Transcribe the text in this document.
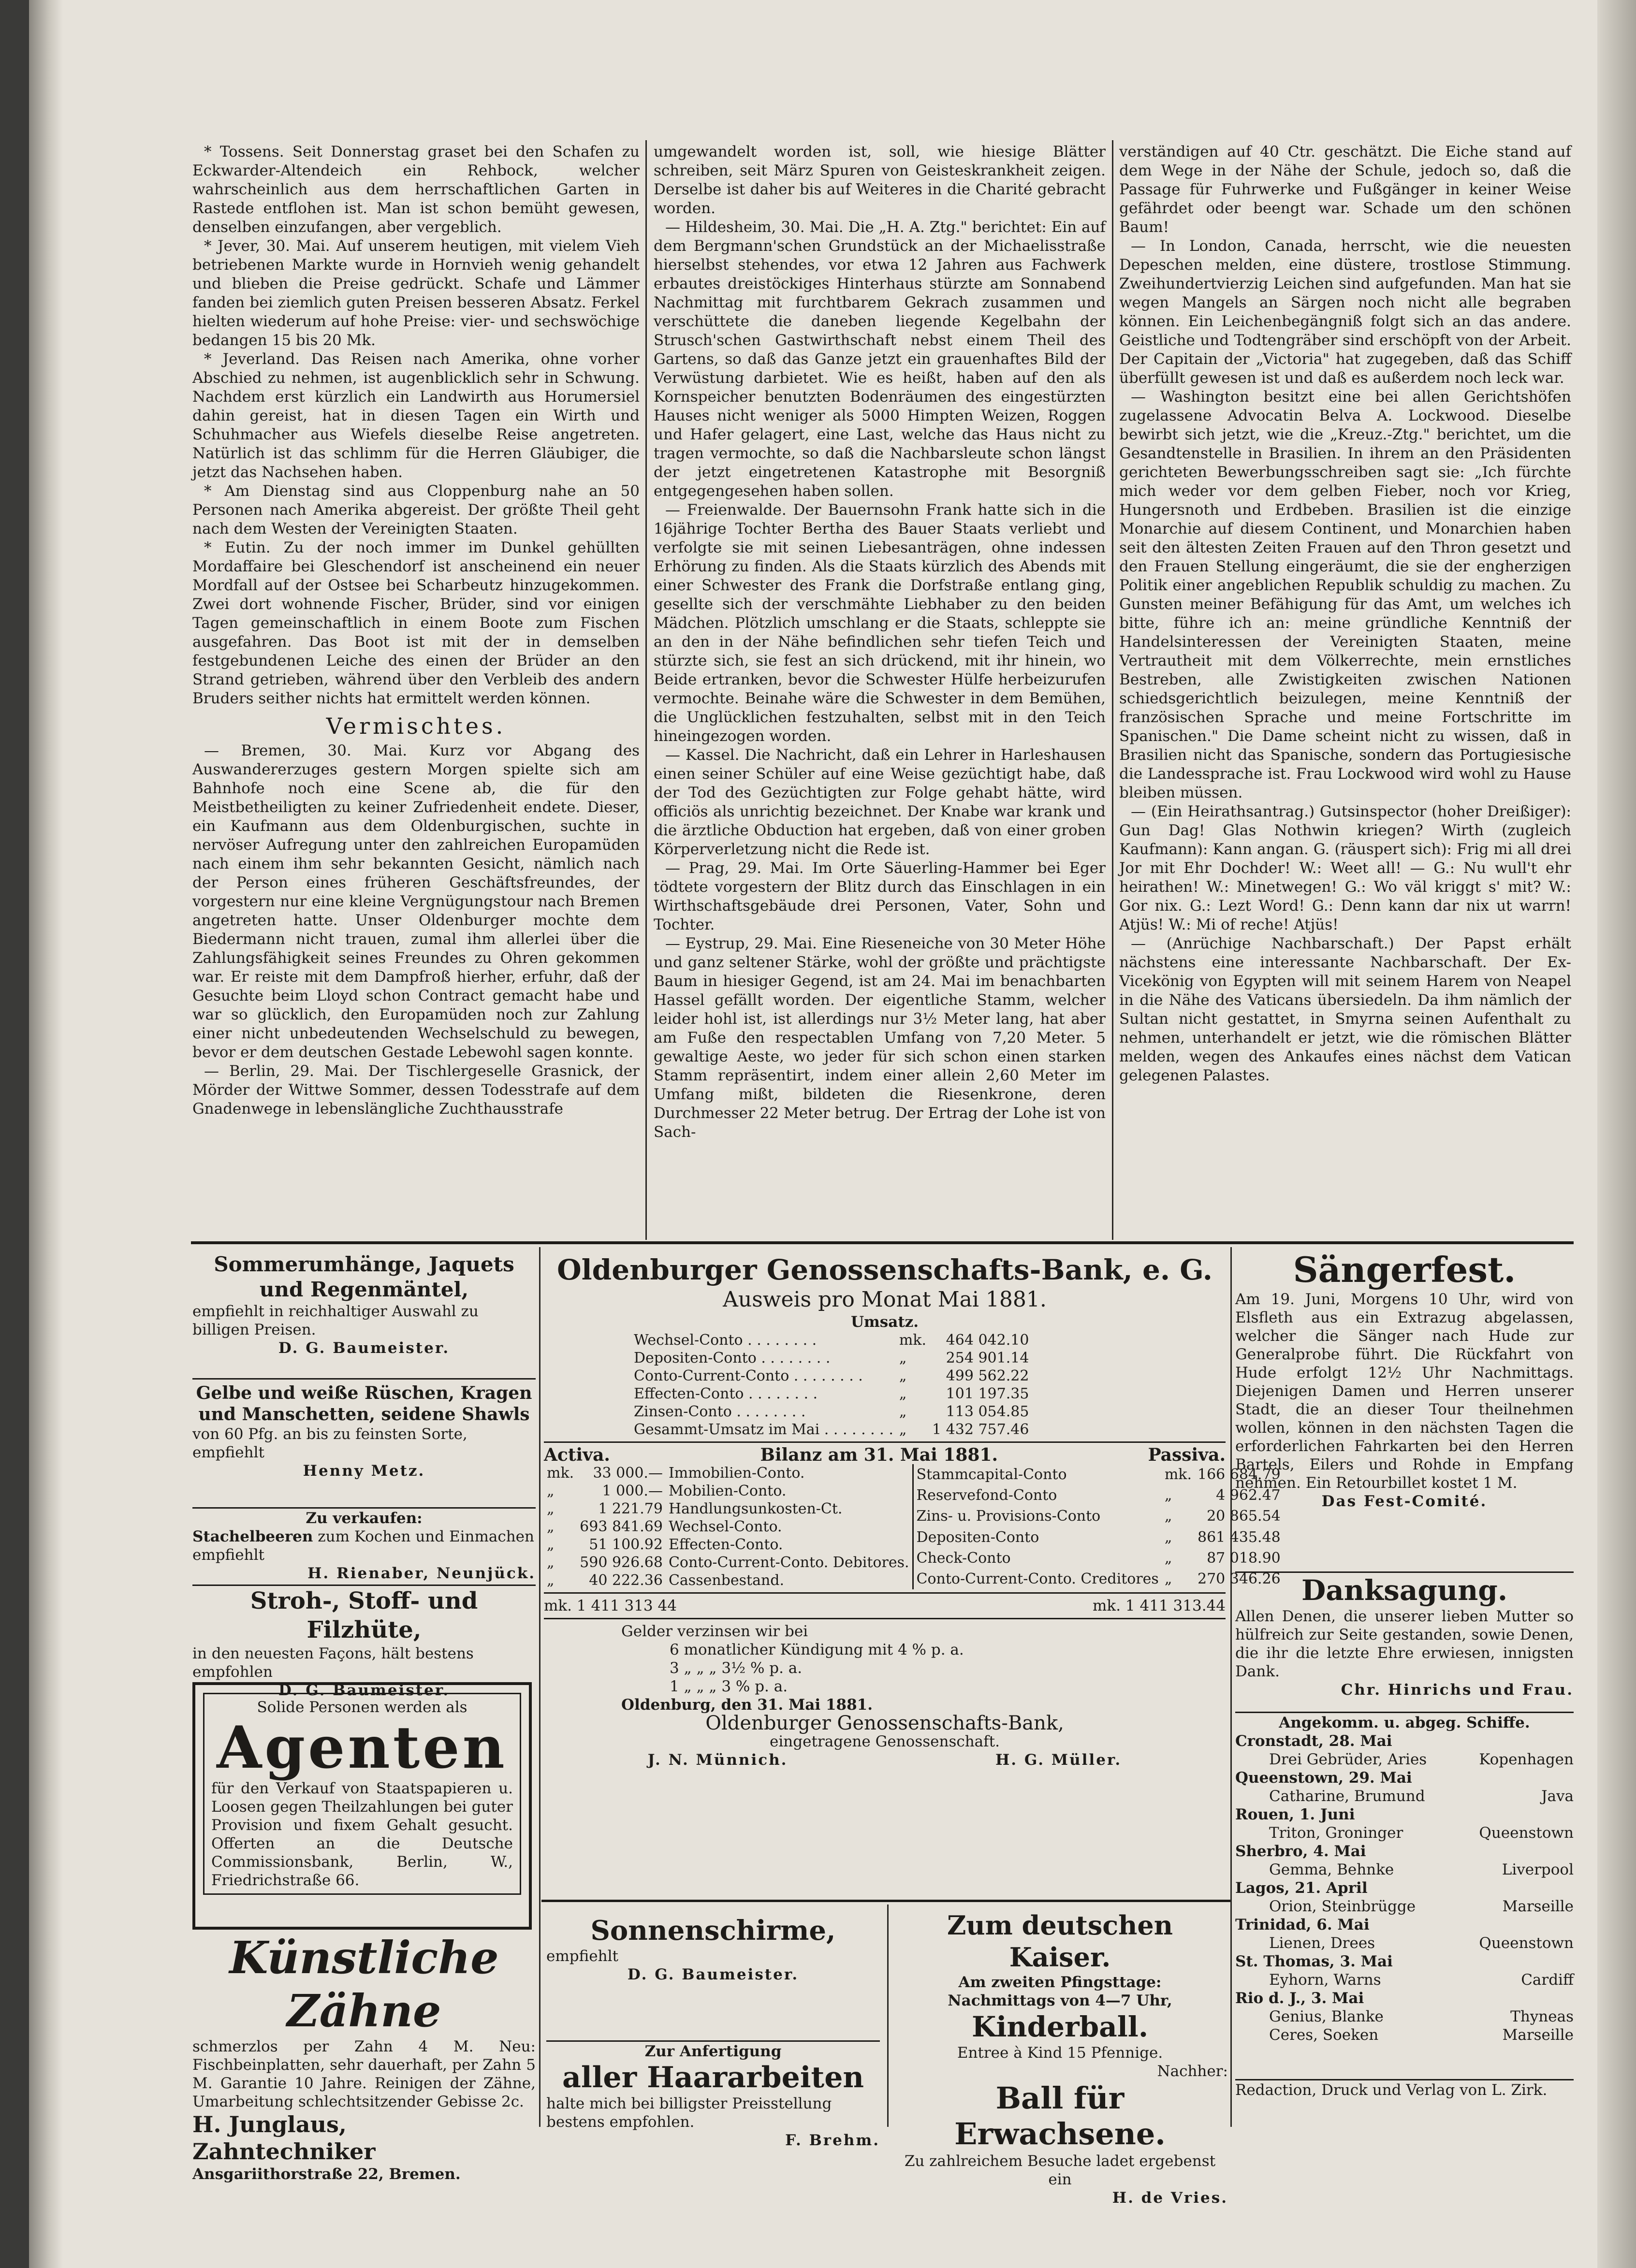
* Tossens. Seit Donnerstag graset bei den Schafen zu Eckwarder-Altendeich ein Rehbock, welcher wahrscheinlich aus dem herrschaftlichen Garten in Rastede entflohen ist. Man ist schon bemüht gewesen, denselben einzufangen, aber vergeblich.

* Jever, 30. Mai. Auf unserem heutigen, mit vielem Vieh betriebenen Markte wurde in Hornvieh wenig gehandelt und blieben die Preise gedrückt. Schafe und Lämmer fanden bei ziemlich guten Preisen besseren Absatz. Ferkel hielten wiederum auf hohe Preise: vier- und sechswöchige bedangen 15 bis 20 Mk.

* Jeverland. Das Reisen nach Amerika, ohne vorher Abschied zu nehmen, ist augenblicklich sehr in Schwung. Nachdem erst kürzlich ein Landwirth aus Horumersiel dahin gereist, hat in diesen Tagen ein Wirth und Schuhmacher aus Wiefels dieselbe Reise angetreten. Natürlich ist das schlimm für die Herren Gläubiger, die jetzt das Nachsehen haben.

* Am Dienstag sind aus Cloppenburg nahe an 50 Personen nach Amerika abgereist. Der größte Theil geht nach dem Westen der Vereinigten Staaten.

* Eutin. Zu der noch immer im Dunkel gehüllten Mordaffaire bei Gleschendorf ist anscheinend ein neuer Mordfall auf der Ostsee bei Scharbeutz hinzugekommen. Zwei dort wohnende Fischer, Brüder, sind vor einigen Tagen gemeinschaftlich in einem Boote zum Fischen ausgefahren. Das Boot ist mit der in demselben festgebundenen Leiche des einen der Brüder an den Strand getrieben, während über den Verbleib des andern Bruders seither nichts hat ermittelt werden können.

Vermischtes.

— Bremen, 30. Mai. Kurz vor Abgang des Auswandererzuges gestern Morgen spielte sich am Bahnhofe noch eine Scene ab, die für den Meistbetheiligten zu keiner Zufriedenheit endete. Dieser, ein Kaufmann aus dem Oldenburgischen, suchte in nervöser Aufregung unter den zahlreichen Europamüden nach einem ihm sehr bekannten Gesicht, nämlich nach der Person eines früheren Geschäftsfreundes, der vorgestern nur eine kleine Vergnügungstour nach Bremen angetreten hatte. Unser Oldenburger mochte dem Biedermann nicht trauen, zumal ihm allerlei über die Zahlungsfähigkeit seines Freundes zu Ohren gekommen war. Er reiste mit dem Dampfroß hierher, erfuhr, daß der Gesuchte beim Lloyd schon Contract gemacht habe und war so glücklich, den Europamüden noch zur Zahlung einer nicht unbedeutenden Wechselschuld zu bewegen, bevor er dem deutschen Gestade Lebewohl sagen konnte.

— Berlin, 29. Mai. Der Tischlergeselle Grasnick, der Mörder der Wittwe Sommer, dessen Todesstrafe auf dem Gnadenwege in lebenslängliche Zuchthausstrafe

umgewandelt worden ist, soll, wie hiesige Blätter schreiben, seit März Spuren von Geisteskrankheit zeigen. Derselbe ist daher bis auf Weiteres in die Charité gebracht worden.

— Hildesheim, 30. Mai. Die „H. A. Ztg." berichtet: Ein auf dem Bergmann'schen Grundstück an der Michaelisstraße hierselbst stehendes, vor etwa 12 Jahren aus Fachwerk erbautes dreistöckiges Hinterhaus stürzte am Sonnabend Nachmittag mit furchtbarem Gekrach zusammen und verschüttete die daneben liegende Kegelbahn der Strusch'schen Gastwirthschaft nebst einem Theil des Gartens, so daß das Ganze jetzt ein grauenhaftes Bild der Verwüstung darbietet. Wie es heißt, haben auf den als Kornspeicher benutzten Bodenräumen des eingestürzten Hauses nicht weniger als 5000 Himpten Weizen, Roggen und Hafer gelagert, eine Last, welche das Haus nicht zu tragen vermochte, so daß die Nachbarsleute schon längst der jetzt eingetretenen Katastrophe mit Besorgniß entgegengesehen haben sollen.

— Freienwalde. Der Bauernsohn Frank hatte sich in die 16jährige Tochter Bertha des Bauer Staats verliebt und verfolgte sie mit seinen Liebesanträgen, ohne indessen Erhörung zu finden. Als die Staats kürzlich des Abends mit einer Schwester des Frank die Dorfstraße entlang ging, gesellte sich der verschmähte Liebhaber zu den beiden Mädchen. Plötzlich umschlang er die Staats, schleppte sie an den in der Nähe befindlichen sehr tiefen Teich und stürzte sich, sie fest an sich drückend, mit ihr hinein, wo Beide ertranken, bevor die Schwester Hülfe herbeizurufen vermochte. Beinahe wäre die Schwester in dem Bemühen, die Unglücklichen festzuhalten, selbst mit in den Teich hineingezogen worden.

— Kassel. Die Nachricht, daß ein Lehrer in Harleshausen einen seiner Schüler auf eine Weise gezüchtigt habe, daß der Tod des Gezüchtigten zur Folge gehabt hätte, wird officiös als unrichtig bezeichnet. Der Knabe war krank und die ärztliche Obduction hat ergeben, daß von einer groben Körperverletzung nicht die Rede ist.

— Prag, 29. Mai. Im Orte Säuerling-Hammer bei Eger tödtete vorgestern der Blitz durch das Einschlagen in ein Wirthschaftsgebäude drei Personen, Vater, Sohn und Tochter.

— Eystrup, 29. Mai. Eine Rieseneiche von 30 Meter Höhe und ganz seltener Stärke, wohl der größte und prächtigste Baum in hiesiger Gegend, ist am 24. Mai im benachbarten Hassel gefällt worden. Der eigentliche Stamm, welcher leider hohl ist, ist allerdings nur 3½ Meter lang, hat aber am Fuße den respectablen Umfang von 7,20 Meter. 5 gewaltige Aeste, wo jeder für sich schon einen starken Stamm repräsentirt, indem einer allein 2,60 Meter im Umfang mißt, bildeten die Riesenkrone, deren Durchmesser 22 Meter betrug. Der Ertrag der Lohe ist von Sach-

verständigen auf 40 Ctr. geschätzt. Die Eiche stand auf dem Wege in der Nähe der Schule, jedoch so, daß die Passage für Fuhrwerke und Fußgänger in keiner Weise gefährdet oder beengt war. Schade um den schönen Baum!

— In London, Canada, herrscht, wie die neuesten Depeschen melden, eine düstere, trostlose Stimmung. Zweihundertvierzig Leichen sind aufgefunden. Man hat sie wegen Mangels an Särgen noch nicht alle begraben können. Ein Leichenbegängniß folgt sich an das andere. Geistliche und Todtengräber sind erschöpft von der Arbeit. Der Capitain der „Victoria" hat zugegeben, daß das Schiff überfüllt gewesen ist und daß es außerdem noch leck war.

— Washington besitzt eine bei allen Gerichtshöfen zugelassene Advocatin Belva A. Lockwood. Dieselbe bewirbt sich jetzt, wie die „Kreuz.-Ztg." berichtet, um die Gesandtenstelle in Brasilien. In ihrem an den Präsidenten gerichteten Bewerbungsschreiben sagt sie: „Ich fürchte mich weder vor dem gelben Fieber, noch vor Krieg, Hungersnoth und Erdbeben. Brasilien ist die einzige Monarchie auf diesem Continent, und Monarchien haben seit den ältesten Zeiten Frauen auf den Thron gesetzt und den Frauen Stellung eingeräumt, die sie der engherzigen Politik einer angeblichen Republik schuldig zu machen. Zu Gunsten meiner Befähigung für das Amt, um welches ich bitte, führe ich an: meine gründliche Kenntniß der Handelsinteressen der Vereinigten Staaten, meine Vertrautheit mit dem Völkerrechte, mein ernstliches Bestreben, alle Zwistigkeiten zwischen Nationen schiedsgerichtlich beizulegen, meine Kenntniß der französischen Sprache und meine Fortschritte im Spanischen." Die Dame scheint nicht zu wissen, daß in Brasilien nicht das Spanische, sondern das Portugiesische die Landessprache ist. Frau Lockwood wird wohl zu Hause bleiben müssen.

— (Ein Heirathsantrag.) Gutsinspector (hoher Dreißiger): Gun Dag! Glas Nothwin kriegen? Wirth (zugleich Kaufmann): Kann angan. G. (räuspert sich): Frig mi all drei Jor mit Ehr Dochder! W.: Weet all! — G.: Nu wull't ehr heirathen! W.: Minetwegen! G.: Wo väl kriggt s' mit? W.: Gor nix. G.: Lezt Word! G.: Denn kann dar nix ut warrn! Atjüs! W.: Mi of reche! Atjüs!

— (Anrüchige Nachbarschaft.) Der Papst erhält nächstens eine interessante Nachbarschaft. Der Ex-Vicekönig von Egypten will mit seinem Harem von Neapel in die Nähe des Vaticans übersiedeln. Da ihm nämlich der Sultan nicht gestattet, in Smyrna seinen Aufenthalt zu nehmen, unterhandelt er jetzt, wie die römischen Blätter melden, wegen des Ankaufes eines nächst dem Vatican gelegenen Palastes.

Sommerumhänge, Jaquets und Regenmäntel,
empfiehlt in reichhaltiger Auswahl zu billigen Preisen.
D. G. Baumeister.
Gelbe und weiße Rüschen, Kragen und Manschetten, seidene Shawls
von 60 Pfg. an bis zu feinsten Sorte, empfiehlt
Henny Metz.
Zu verkaufen:
Stachelbeeren zum Kochen und Einmachen empfiehlt
H. Rienaber, Neunjück.
Stroh-, Stoff- und Filzhüte,
in den neuesten Façons, hält bestens empfohlen
D. G. Baumeister.
Solide Personen werden als
Agenten
für den Verkauf von Staatspapieren u. Loosen gegen Theilzahlungen bei guter Provision und fixem Gehalt gesucht. Offerten an die Deutsche Commissionsbank, Berlin, W., Friedrichstraße 66.
Künstliche Zähne
schmerzlos per Zahn 4 M. Neu: Fischbeinplatten, sehr dauerhaft, per Zahn 5 M. Garantie 10 Jahre. Reinigen der Zähne, Umarbeitung schlechtsitzender Gebisse 2c.
H. Junglaus, Zahntechniker
Ansgariithorstraße 22, Bremen.
Oldenburger Genossenschafts-Bank, e. G.
Ausweis pro Monat Mai 1881.
Umsatz.
Wechsel-Conto . . . . . . . .	mk.	464 042.10
Depositen-Conto . . . . . . . .	„	254 901.14
Conto-Current-Conto . . . . . . . .	„	499 562.22
Effecten-Conto . . . . . . . .	„	101 197.35
Zinsen-Conto . . . . . . . .	„	113 054.85
Gesammt-Umsatz im Mai . . . . . . . .	„	1 432 757.46
Activa.	Bilanz am 31. Mai 1881.	Passiva.
mk.	33 000.—	Immobilien-Conto.
„	1 000.—	Mobilien-Conto.
„	1 221.79	Handlungsunkosten-Ct.
„	693 841.69	Wechsel-Conto.
„	51 100.92	Effecten-Conto.
„	590 926.68	Conto-Current-Conto. Debitores.
„	40 222.36	Cassenbestand.
Stammcapital-Conto	mk.	166 684.79
Reservefond-Conto	„	4 962.47
Zins- u. Provisions-Conto	„	20 865.54
Depositen-Conto	„	861 435.48
Check-Conto	„	87 018.90
Conto-Current-Conto. Creditores	„	270 346.26
mk. 1 411 313 44	mk. 1 411 313.44
Gelder verzinsen wir bei
6 monatlicher Kündigung mit 4 % p. a.
3 „ „ „ 3½ % p. a.
1 „ „ „ 3 % p. a.
Oldenburg, den 31. Mai 1881.
Oldenburger Genossenschafts-Bank,
eingetragene Genossenschaft.
J. N. Münnich.	H. G. Müller.
Sonnenschirme,
empfiehlt
D. G. Baumeister.
Zur Anfertigung
aller Haararbeiten
halte mich bei billigster Preisstellung bestens empfohlen.
F. Brehm.
Zum deutschen Kaiser.
Am zweiten Pfingsttage:
Nachmittags von 4—7 Uhr,
Kinderball.
Entree à Kind 15 Pfennige.
Nachher:
Ball für Erwachsene.
Zu zahlreichem Besuche ladet ergebenst ein
H. de Vries.
Sängerfest.
Am 19. Juni, Morgens 10 Uhr, wird von Elsfleth aus ein Extrazug abgelassen, welcher die Sänger nach Hude zur Generalprobe führt. Die Rückfahrt von Hude erfolgt 12½ Uhr Nachmittags. Diejenigen Damen und Herren unserer Stadt, die an dieser Tour theilnehmen wollen, können in den nächsten Tagen die erforderlichen Fahrkarten bei den Herren Bartels, Eilers und Rohde in Empfang nehmen. Ein Retourbillet kostet 1 M.
Das Fest-Comité.
Danksagung.
Allen Denen, die unserer lieben Mutter so hülfreich zur Seite gestanden, sowie Denen, die ihr die letzte Ehre erwiesen, innigsten Dank.
Chr. Hinrichs und Frau.
Angekomm. u. abgeg. Schiffe.
Cronstadt, 28. Mai
Drei Gebrüder, Aries	Kopenhagen
Queenstown, 29. Mai
Catharine, Brumund	Java
Rouen, 1. Juni
Triton, Groninger	Queenstown
Sherbro, 4. Mai
Gemma, Behnke	Liverpool
Lagos, 21. April
Orion, Steinbrügge	Marseille
Trinidad, 6. Mai
Lienen, Drees	Queenstown
St. Thomas, 3. Mai
Eyhorn, Warns	Cardiff
Rio d. J., 3. Mai
Genius, Blanke	Thyneas
Ceres, Soeken	Marseille
Redaction, Druck und Verlag von L. Zirk.
